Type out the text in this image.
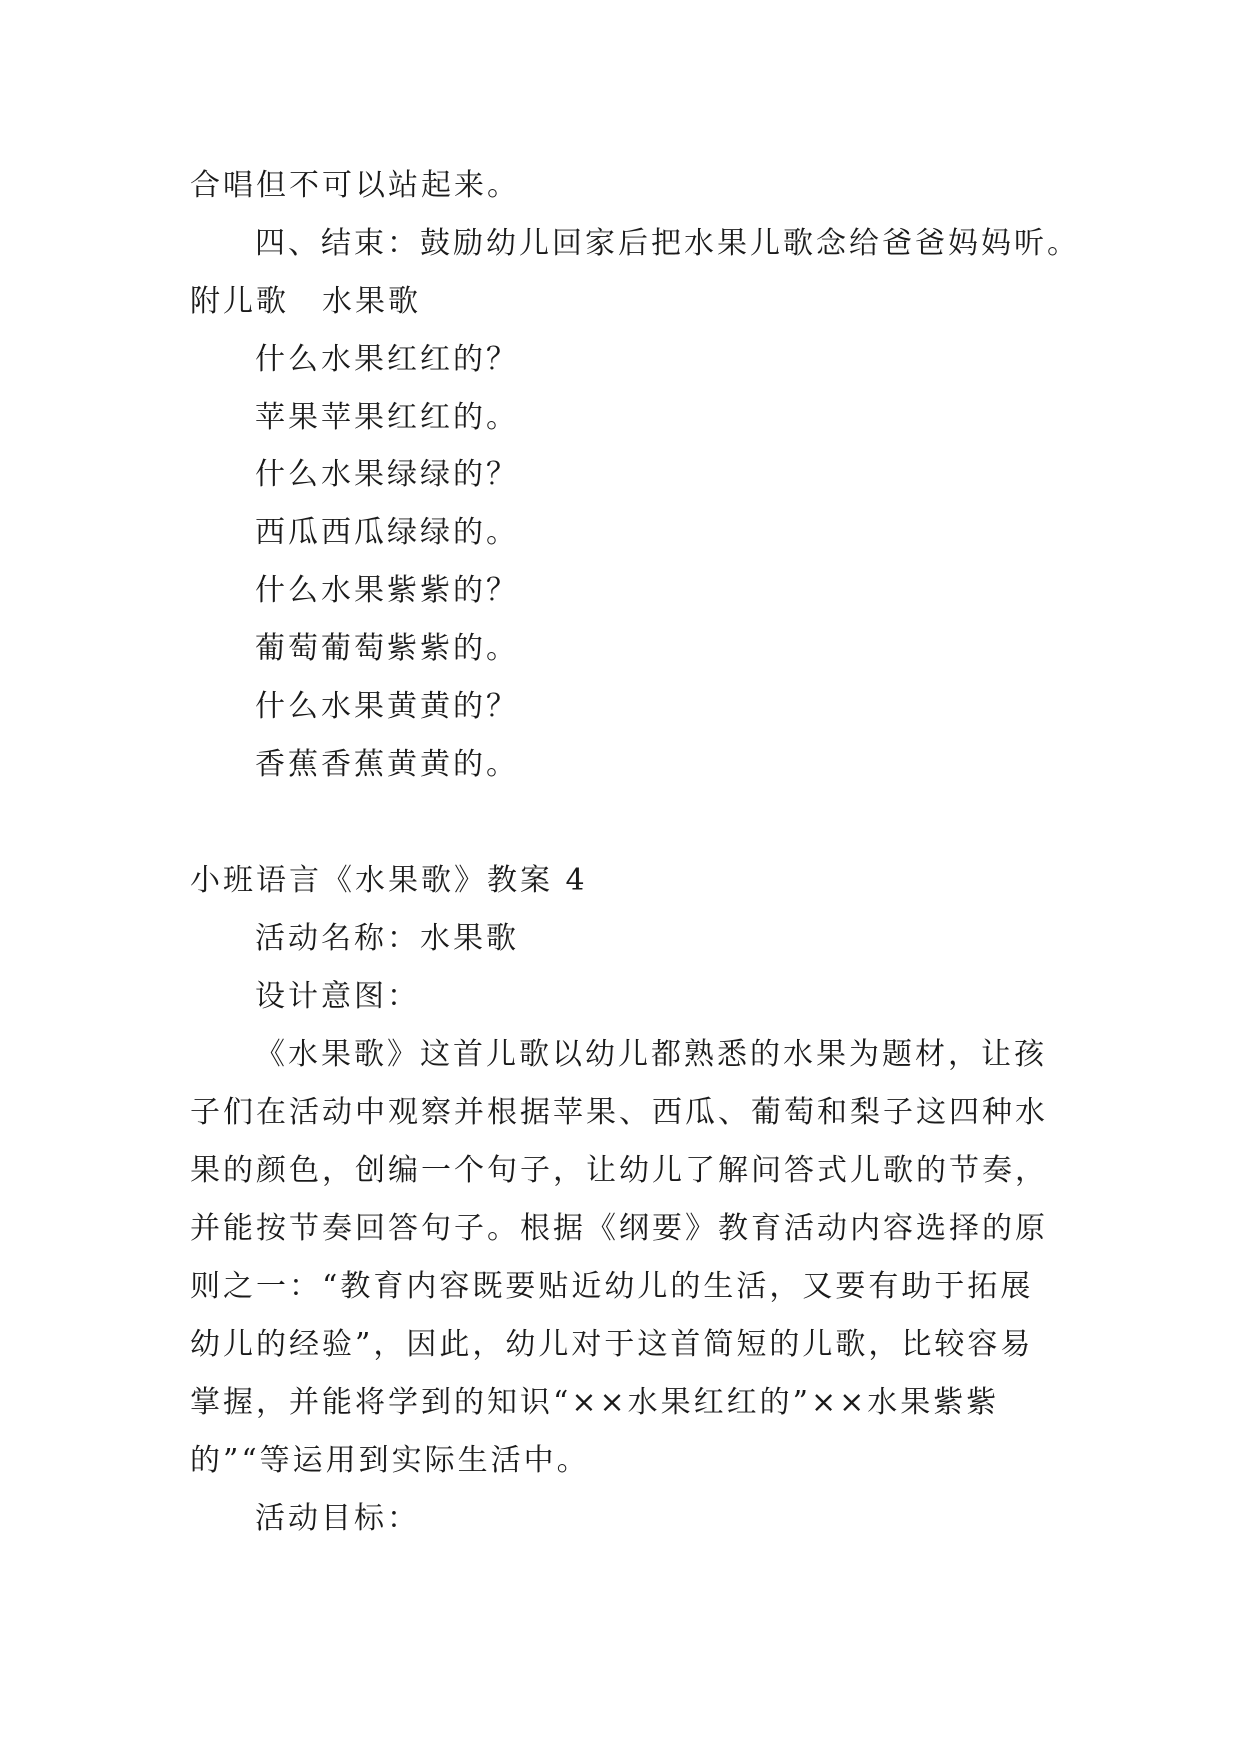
合唱但不可以站起来。
四、结束：鼓励幼儿回家后把水果儿歌念给爸爸妈妈听。
附儿歌　水果歌
什么水果红红的？
苹果苹果红红的。
什么水果绿绿的？
西瓜西瓜绿绿的。
什么水果紫紫的？
葡萄葡萄紫紫的。
什么水果黄黄的？
香蕉香蕉黄黄的。
小班语言《水果歌》教案 4
活动名称：水果歌
设计意图：
《水果歌》这首儿歌以幼儿都熟悉的水果为题材，让孩
子们在活动中观察并根据苹果、西瓜、葡萄和梨子这四种水
果的颜色，创编一个句子，让幼儿了解问答式儿歌的节奏，
并能按节奏回答句子。根据《纲要》教育活动内容选择的原
则之一：“教育内容既要贴近幼儿的生活，又要有助于拓展
幼儿的经验”，因此，幼儿对于这首简短的儿歌，比较容易
掌握，并能将学到的知识“××水果红红的”××水果紫紫
的”“等运用到实际生活中。
活动目标：
